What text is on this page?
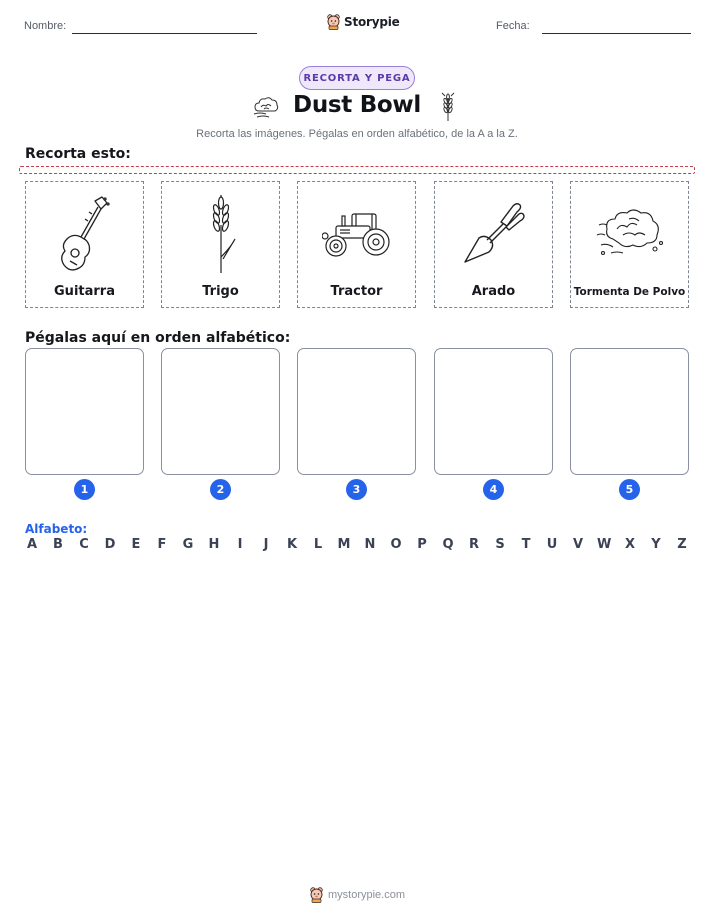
Nombre:	Storypie	Fecha:
RECORTA Y PEGA
Dust Bowl
Recorta las imágenes. Pégalas en orden alfabético, de la A a la Z.
Recorta esto:
Guitarra	Trigo	Tractor	Arado	Tormenta De Polvo
Pégalas aquí en orden alfabético:
1	2	3	4	5
Alfabeto:
A B C D E F G H	I	J	K L M N O P Q R S T U V W X Y Z
mystorypie.com
